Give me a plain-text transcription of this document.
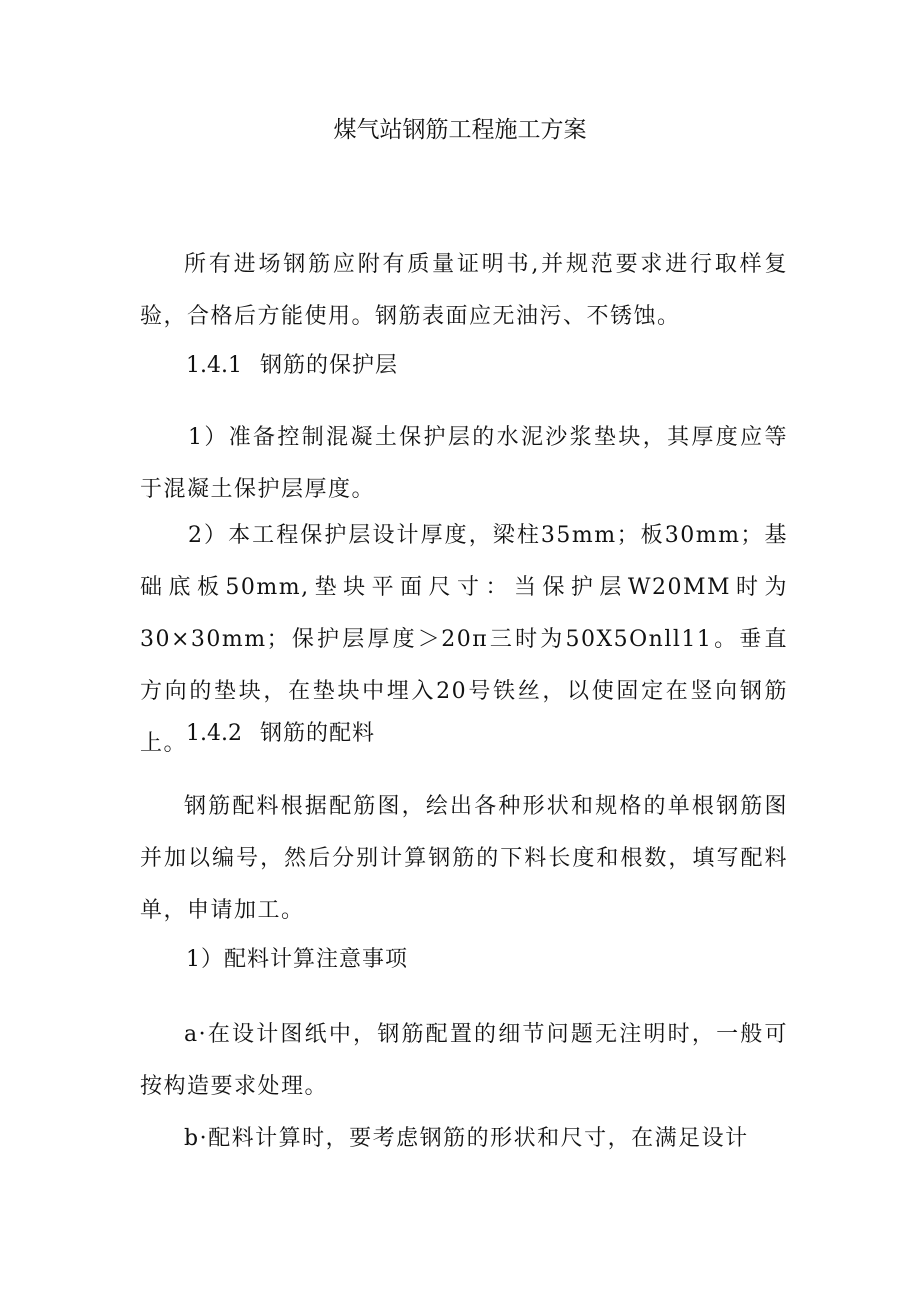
煤气站钢筋工程施工方案

所有进场钢筋应附有质量证明书,并规范要求进行取样复验，合格后方能使用。钢筋表面应无油污、不锈蚀。

1.4.1 钢筋的保护层

1）准备控制混凝土保护层的水泥沙浆垫块，其厚度应等于混凝土保护层厚度。

2）本工程保护层设计厚度，梁柱35mm；板30mm；基础底板50mm,垫块平面尺寸：当保护层W20MM时为30×30mm；保护层厚度＞20π三时为50X5Onll11。垂直方向的垫块，在垫块中埋入20号铁丝，以使固定在竖向钢筋上。

1.4.2 钢筋的配料

钢筋配料根据配筋图，绘出各种形状和规格的单根钢筋图并加以编号，然后分别计算钢筋的下料长度和根数，填写配料单，申请加工。

1）配料计算注意事项

a·在设计图纸中，钢筋配置的细节问题无注明时，一般可按构造要求处理。

b·配料计算时，要考虑钢筋的形状和尺寸，在满足设计
